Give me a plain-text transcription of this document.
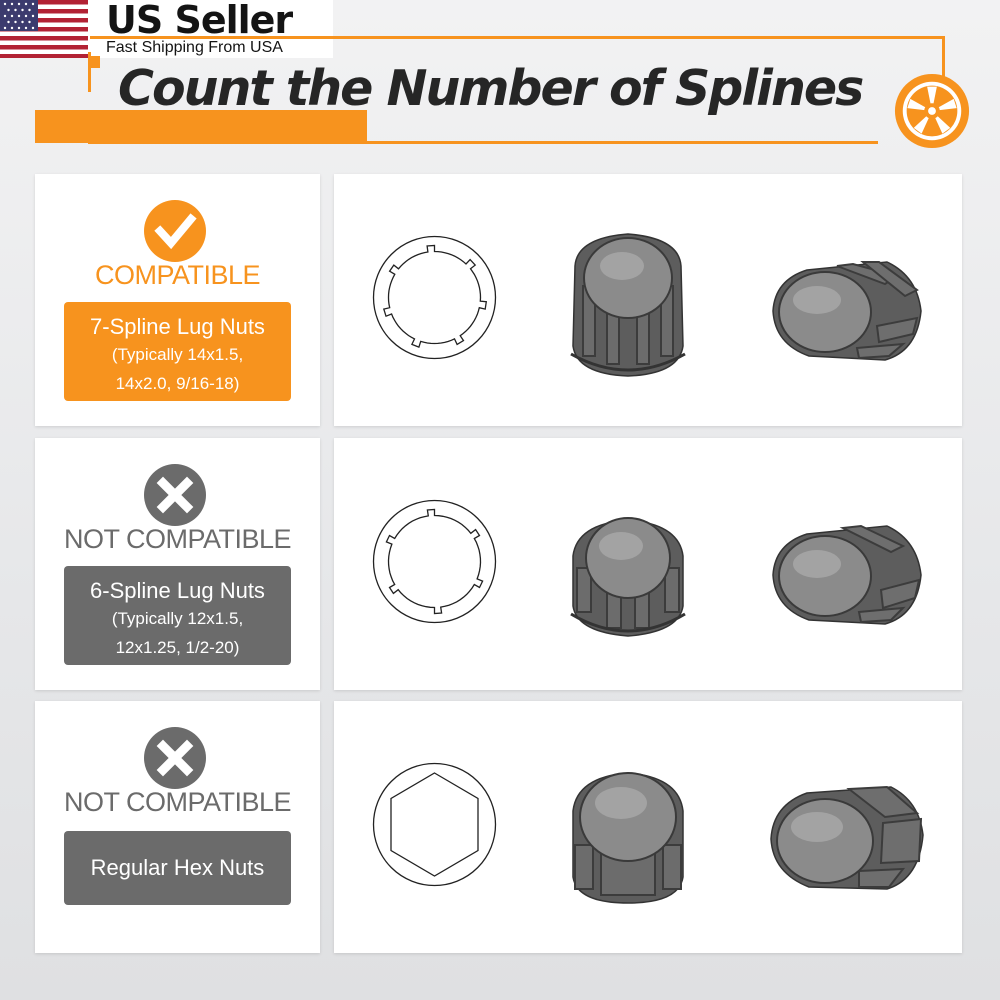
US Seller
Fast Shipping From USA
Count the Number of Splines
COMPATIBLE
7-Spline Lug Nuts
(Typically 14x1.5,
14x2.0, 9/16-18)
NOT COMPATIBLE
6-Spline Lug Nuts
(Typically 12x1.5,
12x1.25, 1/2-20)
NOT COMPATIBLE
Regular Hex Nuts
